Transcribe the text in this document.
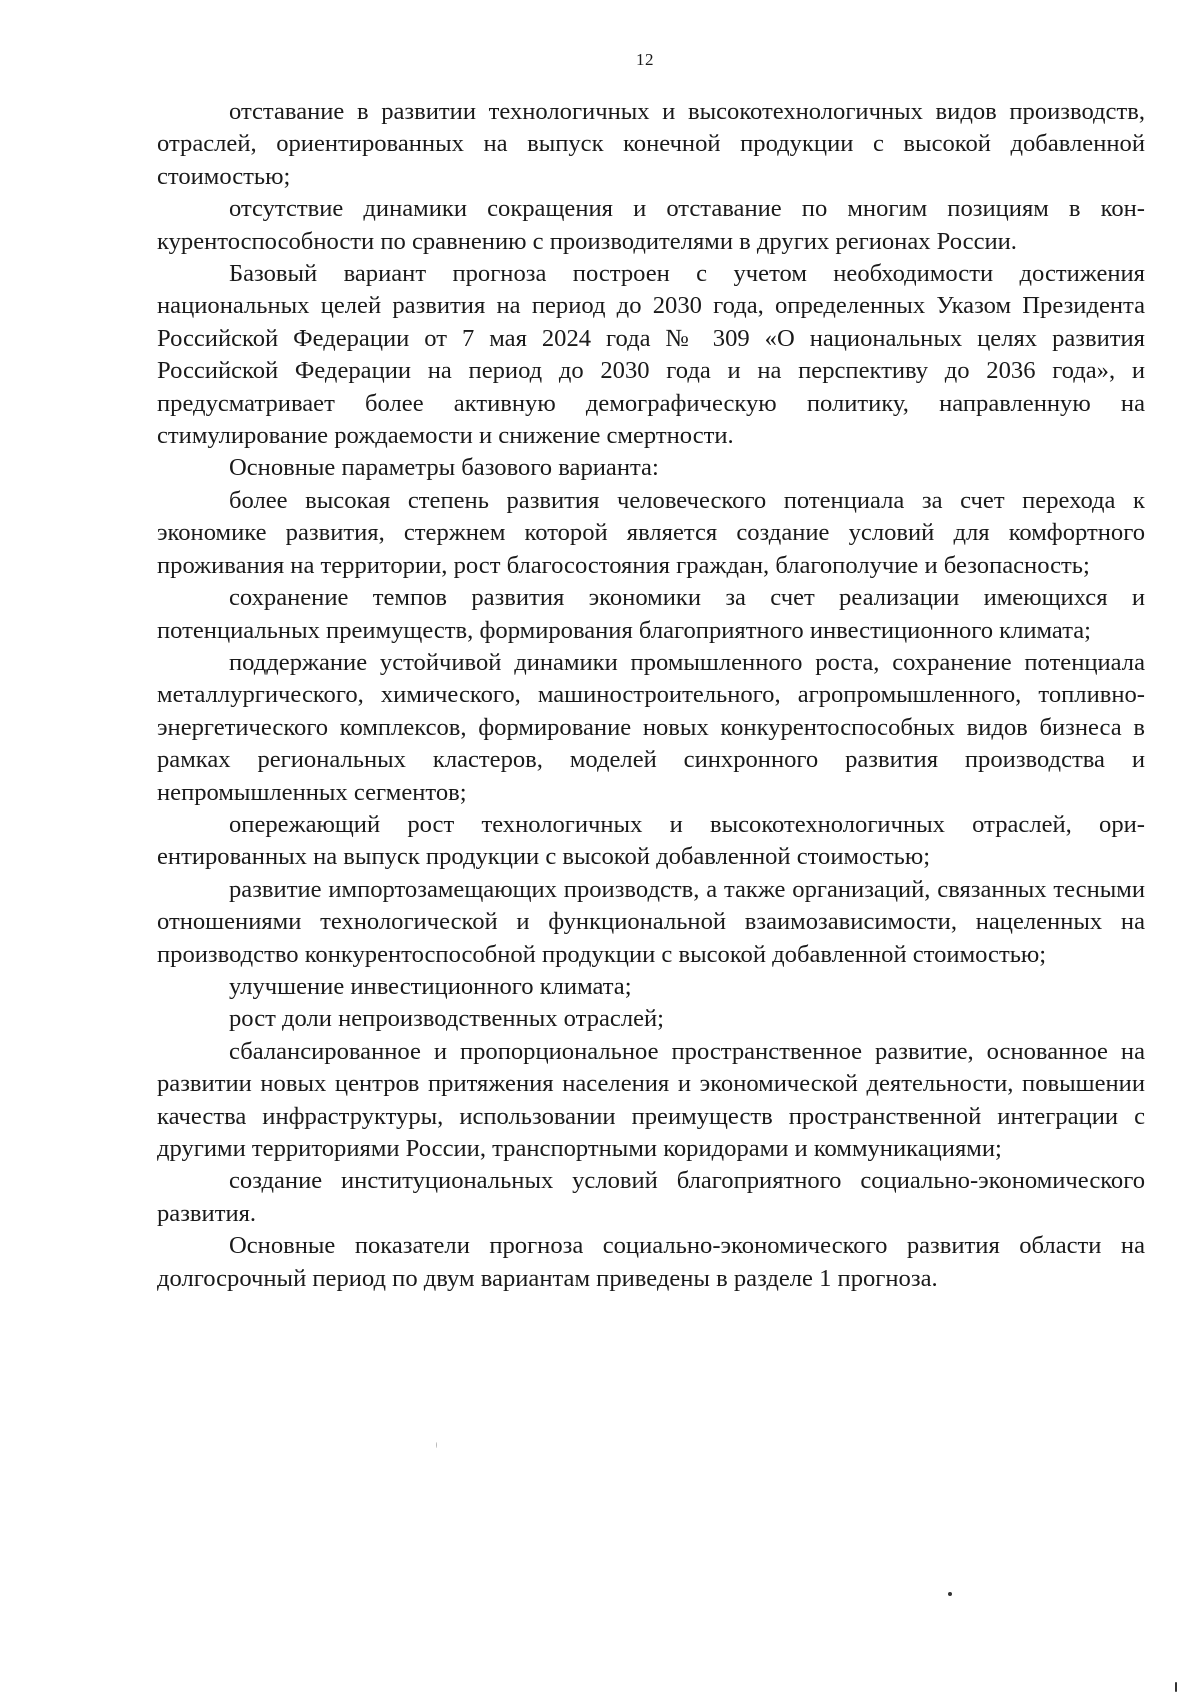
12

отставание в развитии технологичных и высокотехнологичных видов производств, отраслей, ориентированных на выпуск конечной продукции с высокой добавленной стоимостью;

отсутствие динамики сокращения и отставание по многим позициям в конкурентоспособности по сравнению с производителями в других регионах России.

Базовый вариант прогноза построен с учетом необходимости достижения национальных целей развития на период до 2030 года, определенных Указом Президента Российской Федерации от 7 мая 2024 года № 309 «О национальных целях развития Российской Федерации на период до 2030 года и на перспективу до 2036 года», и предусматривает более активную демографическую политику, направленную на стимулирование рождаемости и снижение смертности.

Основные параметры базового варианта:

более высокая степень развития человеческого потенциала за счет перехода к экономике развития, стержнем которой является создание условий для комфортного проживания на территории, рост благосостояния граждан, благополучие и безопасность;

сохранение темпов развития экономики за счет реализации имеющихся и потенциальных преимуществ, формирования благоприятного инвестиционного климата;

поддержание устойчивой динамики промышленного роста, сохранение потенциала металлургического, химического, машиностроительного, агропромышленного, топливно-энергетического комплексов, формирование новых конкурентоспособных видов бизнеса в рамках региональных кластеров, моделей синхронного развития производства и непромышленных сегментов;

опережающий рост технологичных и высокотехнологичных отраслей, ориентированных на выпуск продукции с высокой добавленной стоимостью;

развитие импортозамещающих производств, а также организаций, связанных тесными отношениями технологической и функциональной взаимозависимости, нацеленных на производство конкурентоспособной продукции с высокой добавленной стоимостью;

улучшение инвестиционного климата;

рост доли непроизводственных отраслей;

сбалансированное и пропорциональное пространственное развитие, основанное на развитии новых центров притяжения населения и экономической деятельности, повышении качества инфраструктуры, использовании преимуществ пространственной интеграции с другими территориями России, транспортными коридорами и коммуникациями;

создание институциональных условий благоприятного социально-экономического развития.

Основные показатели прогноза социально-экономического развития области на долгосрочный период по двум вариантам приведены в разделе 1 прогноза.
